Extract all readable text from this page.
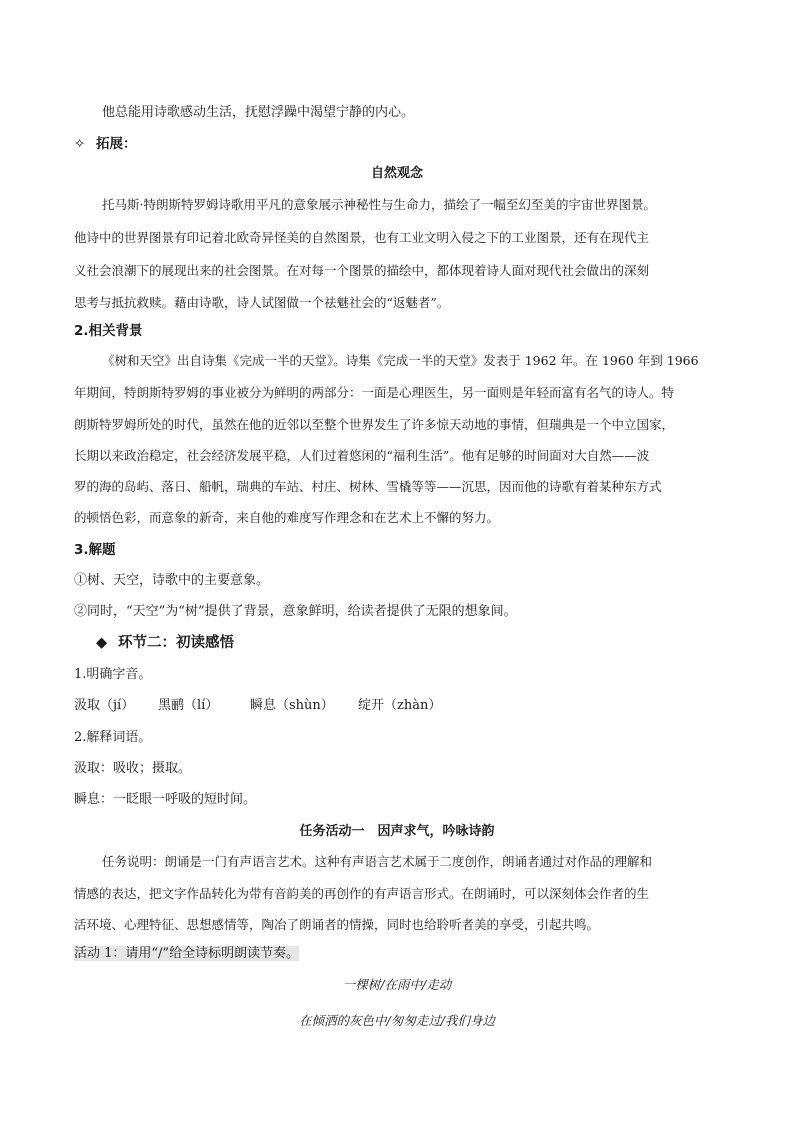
他总能用诗歌感动生活，抚慰浮躁中渴望宁静的内心。
✧ 拓展：
自然观念
托马斯·特朗斯特罗姆诗歌用平凡的意象展示神秘性与生命力，描绘了一幅至幻至美的宇宙世界图景。
他诗中的世界图景有印记着北欧奇异怪美的自然图景，也有工业文明入侵之下的工业图景，还有在现代主
义社会浪潮下的展现出来的社会图景。在对每一个图景的描绘中，都体现着诗人面对现代社会做出的深刻
思考与抵抗救赎。藉由诗歌，诗人试图做一个祛魅社会的“返魅者”。
2.相关背景
《树和天空》出自诗集《完成一半的天堂》。诗集《完成一半的天堂》发表于 1962 年。在 1960 年到 1966
年期间，特朗斯特罗姆的事业被分为鲜明的两部分：一面是心理医生，另一面则是年轻而富有名气的诗人。特
朗斯特罗姆所处的时代，虽然在他的近邻以至整个世界发生了许多惊天动地的事情，但瑞典是一个中立国家，
长期以来政治稳定，社会经济发展平稳，人们过着悠闲的“福利生活”。他有足够的时间面对大自然——波
罗的海的岛屿、落日、船帆，瑞典的车站、村庄、树林、雪橇等等——沉思，因而他的诗歌有着某种东方式
的顿悟色彩，而意象的新奇，来自他的难度写作理念和在艺术上不懈的努力。
3.解题
①树、天空，诗歌中的主要意象。
②同时，“天空”为“树”提供了背景，意象鲜明，给读者提供了无限的想象间。
◆ 环节二：初读感悟
1.明确字音。
汲取（jí） 黑鹂（lí） 瞬息（shùn） 绽开（zhàn）
2.解释词语。
汲取：吸收；摄取。
瞬息：一眨眼一呼吸的短时间。
任务活动一　因声求气，吟咏诗韵
任务说明：朗诵是一门有声语言艺术。这种有声语言艺术属于二度创作，朗诵者通过对作品的理解和
情感的表达，把文字作品转化为带有音韵美的再创作的有声语言形式。在朗诵时，可以深刻体会作者的生
活环境、心理特征、思想感情等，陶冶了朗诵者的情操，同时也给聆听者美的享受，引起共鸣。
活动 1：请用“/”给全诗标明朗读节奏。
一棵树/在雨中/走动
在倾洒的灰色中/匆匆走过/我们身边
